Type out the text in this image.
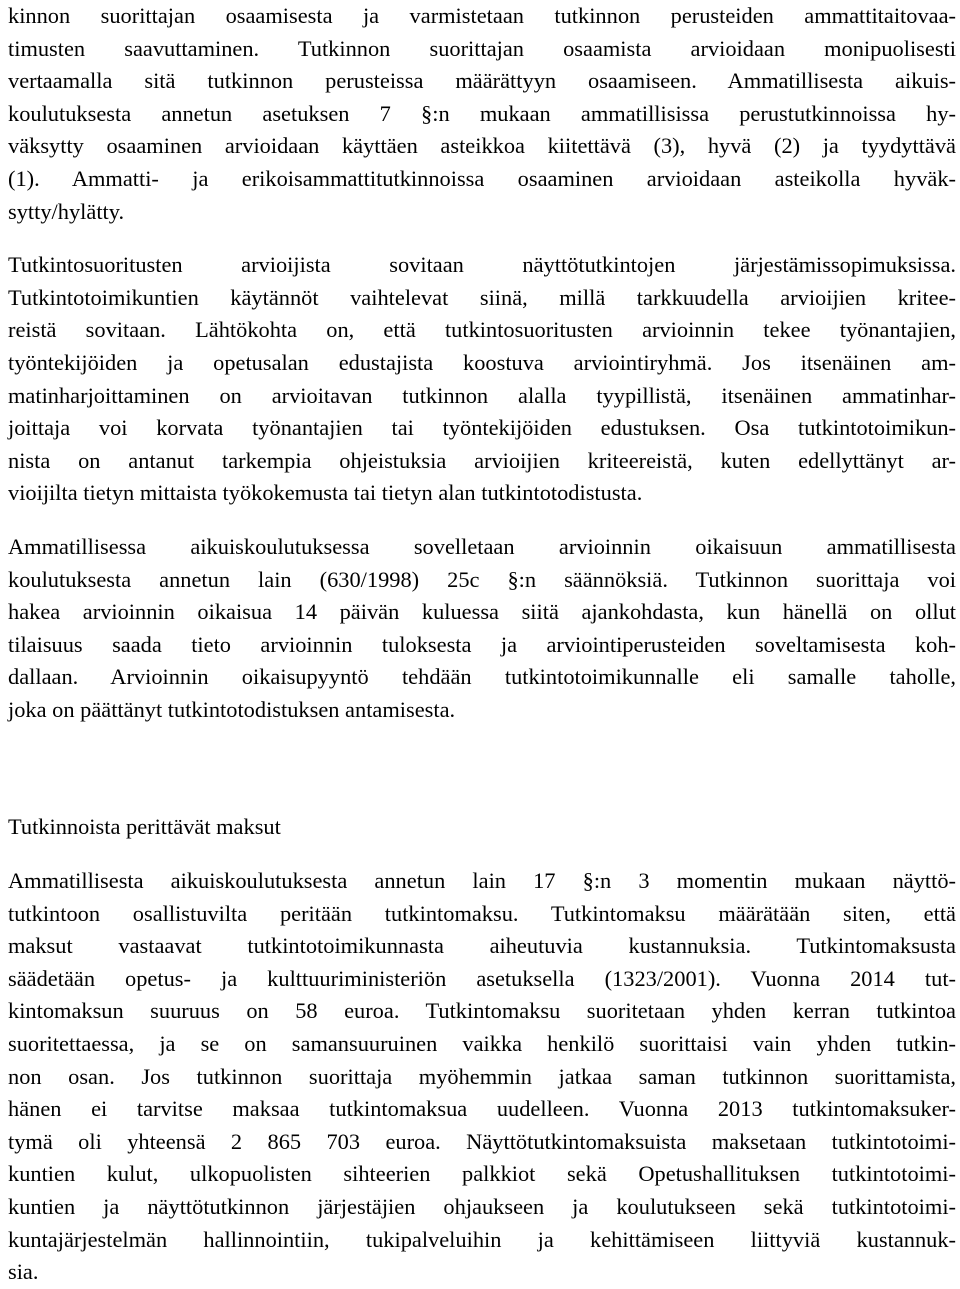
kinnon suorittajan osaamisesta ja varmistetaan tutkinnon perusteiden ammattitaitovaa-
timusten saavuttaminen. Tutkinnon suorittajan osaamista arvioidaan monipuolisesti
vertaamalla sitä tutkinnon perusteissa määrättyyn osaamiseen. Ammatillisesta aikuis-
koulutuksesta annetun asetuksen 7 §:n mukaan ammatillisissa perustutkinnoissa hy-
väksytty osaaminen arvioidaan käyttäen asteikkoa kiitettävä (3), hyvä (2) ja tyydyttävä
(1). Ammatti- ja erikoisammattitutkinnoissa osaaminen arvioidaan asteikolla hyväk-
sytty/hylätty.
Tutkintosuoritusten arvioijista sovitaan näyttötutkintojen järjestämissopimuksissa.
Tutkintotoimikuntien käytännöt vaihtelevat siinä, millä tarkkuudella arvioijien kritee-
reistä sovitaan. Lähtökohta on, että tutkintosuoritusten arvioinnin tekee työnantajien,
työntekijöiden ja opetusalan edustajista koostuva arviointiryhmä. Jos itsenäinen am-
matinharjoittaminen on arvioitavan tutkinnon alalla tyypillistä, itsenäinen ammatinhar-
joittaja voi korvata työnantajien tai työntekijöiden edustuksen. Osa tutkintotoimikun-
nista on antanut tarkempia ohjeistuksia arvioijien kriteereistä, kuten edellyttänyt ar-
vioijilta tietyn mittaista työkokemusta tai tietyn alan tutkintotodistusta.
Ammatillisessa aikuiskoulutuksessa sovelletaan arvioinnin oikaisuun ammatillisesta
koulutuksesta annetun lain (630/1998) 25c §:n säännöksiä. Tutkinnon suorittaja voi
hakea arvioinnin oikaisua 14 päivän kuluessa siitä ajankohdasta, kun hänellä on ollut
tilaisuus saada tieto arvioinnin tuloksesta ja arviointiperusteiden soveltamisesta koh-
dallaan. Arvioinnin oikaisupyyntö tehdään tutkintotoimikunnalle eli samalle taholle,
joka on päättänyt tutkintotodistuksen antamisesta.
Tutkinnoista perittävät maksut
Ammatillisesta aikuiskoulutuksesta annetun lain 17 §:n 3 momentin mukaan näyttö-
tutkintoon osallistuvilta peritään tutkintomaksu. Tutkintomaksu määrätään siten, että
maksut vastaavat tutkintotoimikunnasta aiheutuvia kustannuksia. Tutkintomaksusta
säädetään opetus- ja kulttuuriministeriön asetuksella (1323/2001). Vuonna 2014 tut-
kintomaksun suuruus on 58 euroa. Tutkintomaksu suoritetaan yhden kerran tutkintoa
suoritettaessa, ja se on samansuuruinen vaikka henkilö suorittaisi vain yhden tutkin-
non osan. Jos tutkinnon suorittaja myöhemmin jatkaa saman tutkinnon suorittamista,
hänen ei tarvitse maksaa tutkintomaksua uudelleen. Vuonna 2013 tutkintomaksuker-
tymä oli yhteensä 2 865 703 euroa. Näyttötutkintomaksuista maksetaan tutkintotoimi-
kuntien kulut, ulkopuolisten sihteerien palkkiot sekä Opetushallituksen tutkintotoimi-
kuntien ja näyttötutkinnon järjestäjien ohjaukseen ja koulutukseen sekä tutkintotoimi-
kuntajärjestelmän hallinnointiin, tukipalveluihin ja kehittämiseen liittyviä kustannuk-
sia.
